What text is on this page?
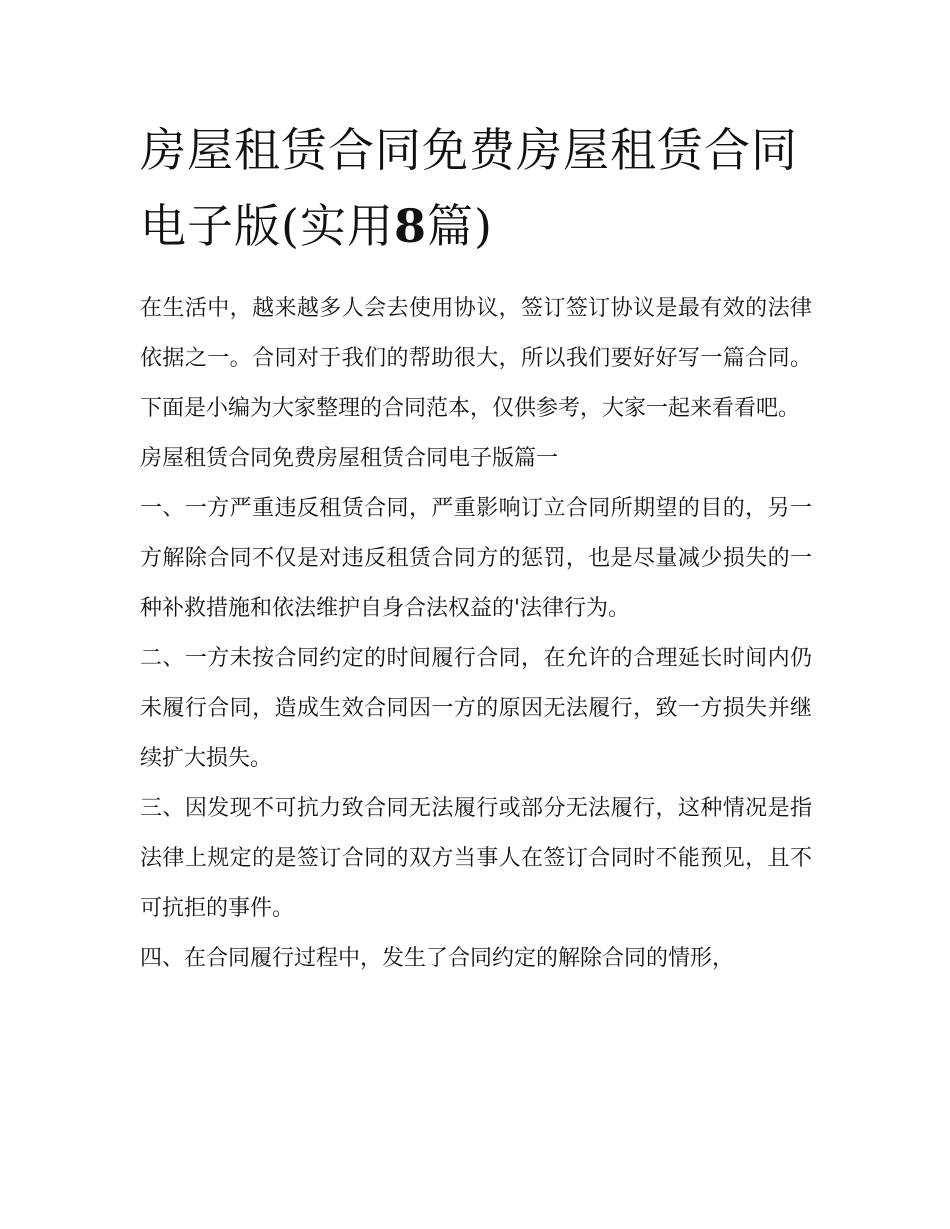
房屋租赁合同免费房屋租赁合同电子版(实用8篇)

在生活中，越来越多人会去使用协议，签订签订协议是最有效的法律依据之一。合同对于我们的帮助很大，所以我们要好好写一篇合同。下面是小编为大家整理的合同范本，仅供参考，大家一起来看看吧。

房屋租赁合同免费房屋租赁合同电子版篇一

一、一方严重违反租赁合同，严重影响订立合同所期望的目的，另一方解除合同不仅是对违反租赁合同方的惩罚，也是尽量减少损失的一种补救措施和依法维护自身合法权益的'法律行为。

二、一方未按合同约定的时间履行合同，在允许的合理延长时间内仍未履行合同，造成生效合同因一方的原因无法履行，致一方损失并继续扩大损失。

三、因发现不可抗力致合同无法履行或部分无法履行，这种情况是指法律上规定的是签订合同的双方当事人在签订合同时不能预见，且不可抗拒的事件。

四、在合同履行过程中，发生了合同约定的解除合同的情形，
